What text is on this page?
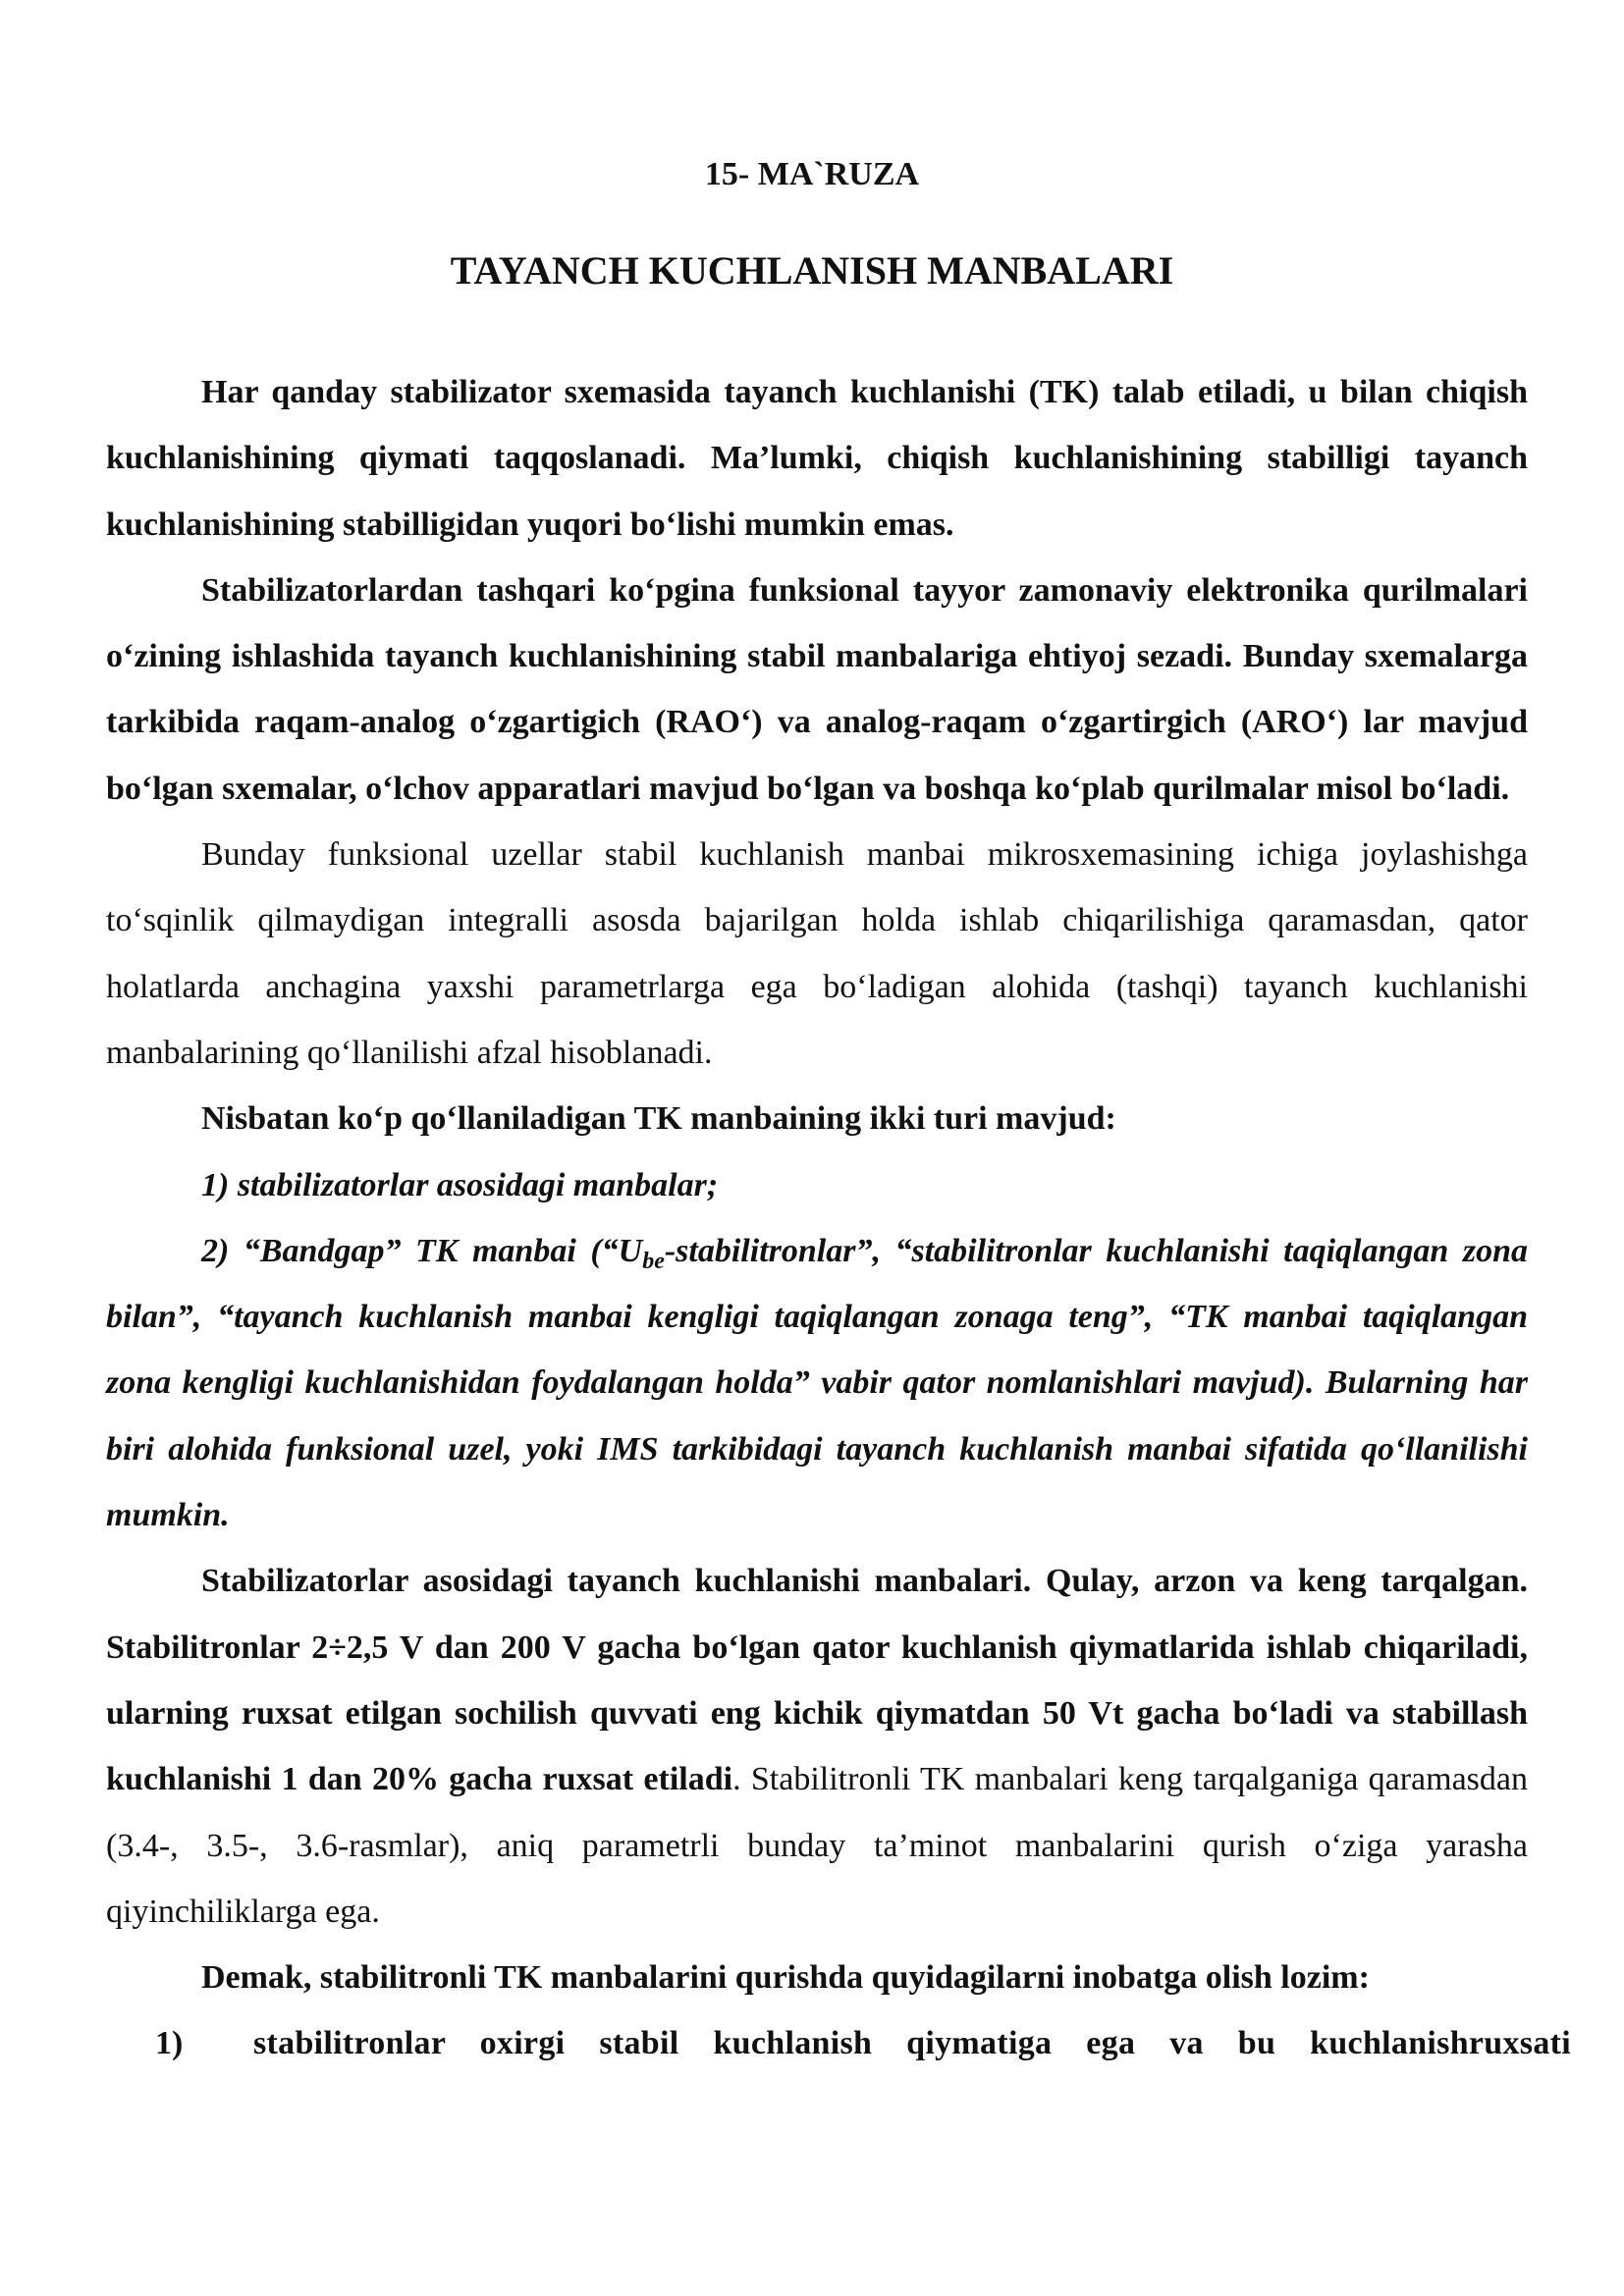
15- MA`RUZA
TAYANCH KUCHLANISH MANBALARI

Har qanday stabilizator sxemasida tayanch kuchlanishi (TK) talab etiladi, u bilan chiqish kuchlanishining qiymati taqqoslanadi. Ma’lumki, chiqish kuchlanishining stabilligi tayanch kuchlanishining stabilligidan yuqori bo‘lishi mumkin emas.

Stabilizatorlardan tashqari ko‘pgina funksional tayyor zamonaviy elektronika qurilmalari o‘zining ishlashida tayanch kuchlanishining stabil manbalariga ehtiyoj sezadi. Bunday sxemalarga tarkibida raqam-analog o‘zgartigich (RAO‘) va analog-raqam o‘zgartirgich (ARO‘) lar mavjud bo‘lgan sxemalar, o‘lchov apparatlari mavjud bo‘lgan va boshqa ko‘plab qurilmalar misol bo‘ladi.

Bunday funksional uzellar stabil kuchlanish manbai mikrosxemasining ichiga joylashishga to‘sqinlik qilmaydigan integralli asosda bajarilgan holda ishlab chiqarilishiga qaramasdan, qator holatlarda anchagina yaxshi parametrlarga ega bo‘ladigan alohida (tashqi) tayanch kuchlanishi manbalarining qo‘llanilishi afzal hisoblanadi.

Nisbatan ko‘p qo‘llaniladigan TK manbaining ikki turi mavjud:

1) stabilizatorlar asosidagi manbalar;

2) “Bandgap” TK manbai (“$U_{be}$-stabilitronlar”, “stabilitronlar kuchlanishi taqiqlangan zona bilan”, “tayanch kuchlanish manbai kengligi taqiqlangan zonaga teng”, “TK manbai taqiqlangan zona kengligi kuchlanishidan foydalangan holda” vabir qator nomlanishlari mavjud). Bularning har biri alohida funksional uzel, yoki IMS tarkibidagi tayanch kuchlanish manbai sifatida qo‘llanilishi mumkin.

Stabilizatorlar asosidagi tayanch kuchlanishi manbalari. Qulay, arzon va keng tarqalgan. Stabilitronlar 2÷2,5 V dan 200 V gacha bo‘lgan qator kuchlanish qiymatlarida ishlab chiqariladi, ularning ruxsat etilgan sochilish quvvati eng kichik qiymatdan 50 Vt gacha bo‘ladi va stabillash kuchlanishi 1 dan 20% gacha ruxsat etiladi. Stabilitronli TK manbalari keng tarqalganiga qaramasdan (3.4-, 3.5-, 3.6-rasmlar), aniq parametrli bunday ta’minot manbalarini qurish o‘ziga yarasha qiyinchiliklarga ega.

Demak, stabilitronli TK manbalarini qurishda quyidagilarni inobatga olish lozim:

1)	stabilitronlar oxirgi stabil kuchlanish qiymatiga ega va bu kuchlanishruxsati
